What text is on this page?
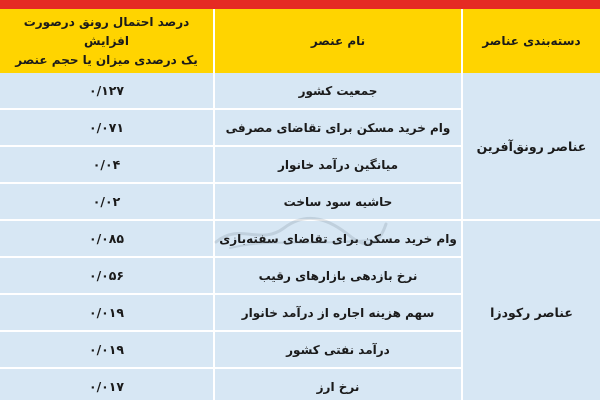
دسته‌بندی عناصر	نام عنصر	درصد احتمال رونق درصورت افزایش
یک درصدی میزان یا حجم عنصر

عناصر رونق‌آفرین	جمعیت کشور	۰/۱۲۷
	وام خرید مسکن برای تقاضای مصرفی	۰/۰۷۱
	میانگین درآمد خانوار	۰/۰۴
	حاشیه سود ساخت	۰/۰۲
عناصر رکودزا	وام خرید مسکن برای تقاضای سفته‌بازی	۰/۰۸۵
	نرخ بازدهی بازارهای رقیب	۰/۰۵۶
	سهم هزینه اجاره از درآمد خانوار	۰/۰۱۹
	درآمد نفتی کشور	۰/۰۱۹
	نرخ ارز	۰/۰۱۷
